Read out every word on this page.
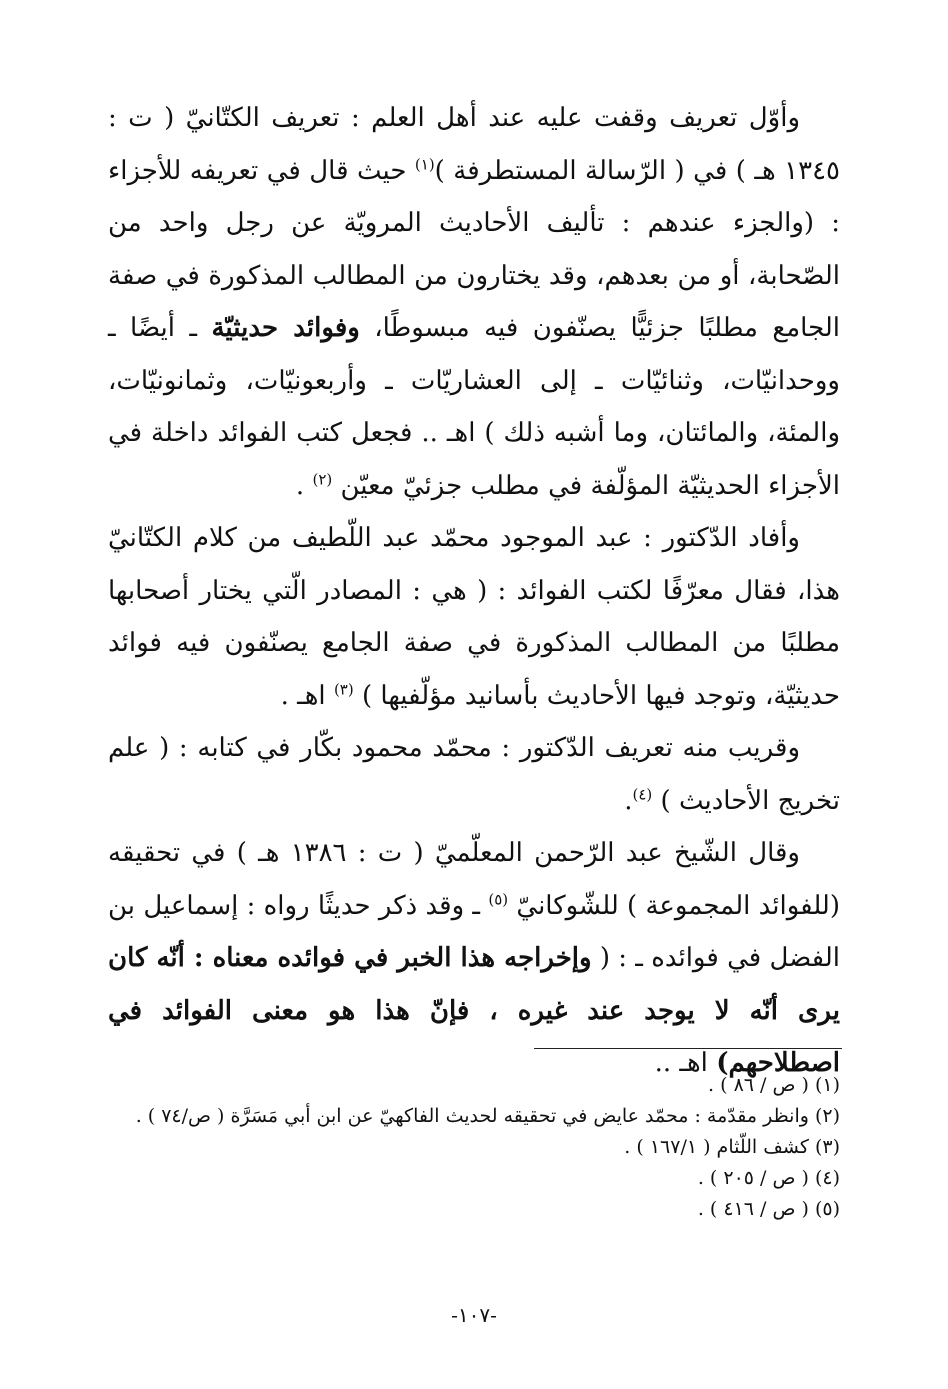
وأوّل تعريف وقفت عليه عند أهل العلم : تعريف الكتّانيّ ( ت : ١٣٤٥ هـ ) في ( الرّسالة المستطرفة )$^{(١)}$ حيث قال في تعريفه للأجزاء : (والجزء عندهم : تأليف الأحاديث المرويّة عن رجل واحد من الصّحابة، أو من بعدهم، وقد يختارون من المطالب المذكورة في صفة الجامع مطلبًا جزئيًّا يصنّفون فيه مبسوطًا، وفوائد حديثيّة ـ أيضًا ـ ووحدانيّات، وثنائيّات ـ إلى العشاريّات ـ وأربعونيّات، وثمانونيّات، والمئة، والمائتان، وما أشبه ذلك ) اهـ .. فجعل كتب الفوائد داخلة في الأجزاء الحديثيّة المؤلّفة في مطلب جزئيّ معيّن $^{(٢)}$ .

وأفاد الدّكتور : عبد الموجود محمّد عبد اللّطيف من كلام الكتّانيّ هذا، فقال معرّفًا لكتب الفوائد : ( هي : المصادر الّتي يختار أصحابها مطلبًا من المطالب المذكورة في صفة الجامع يصنّفون فيه فوائد حديثيّة، وتوجد فيها الأحاديث بأسانيد مؤلّفيها ) $^{(٣)}$ اهـ .

وقريب منه تعريف الدّكتور : محمّد محمود بكّار في كتابه : ( علم تخريج الأحاديث ) $^{(٤)}$.

وقال الشّيخ عبد الرّحمن المعلّميّ ( ت : ١٣٨٦ هـ ) في تحقيقه (للفوائد المجموعة ) للشّوكانيّ $^{(٥)}$ ـ وقد ذكر حديثًا رواه : إسماعيل بن الفضل في فوائده ـ : ( وإخراجه هذا الخبر في فوائده معناه : أنّه كان يرى أنّه لا يوجد عند غيره ، فإنّ هذا هو معنى الفوائد في اصطلاحهم) اهـ ..

(١) ( ص / ٨٦ ) .

(٢) وانظر مقدّمة : محمّد عايض في تحقيقه لحديث الفاكهيّ عن ابن أبي مَسَرَّة ( ص/٧٤ ) .

(٣) كشف اللّثام ( ١٦٧/١ ) .

(٤) ( ص / ٢٠٥ ) .

(٥) ( ص / ٤١٦ ) .

-١٠٧-
